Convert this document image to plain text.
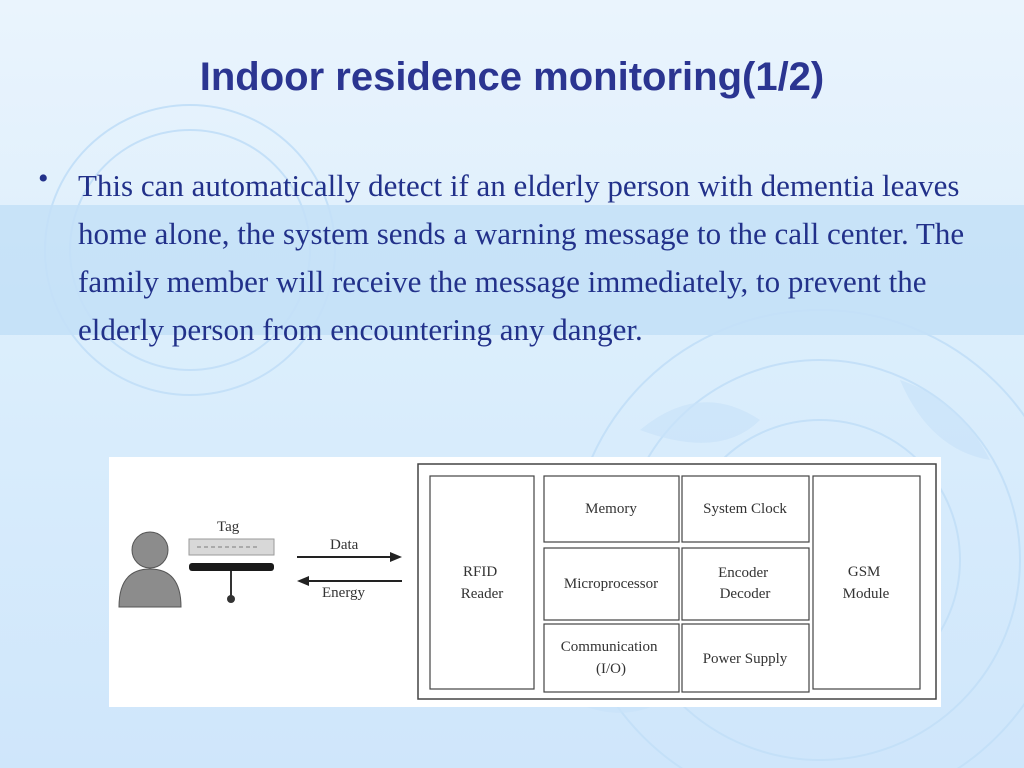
Indoor residence monitoring(1/2)
• This can automatically detect if an elderly person with dementia leaves home alone, the system sends a warning message to the call center. The family member will receive the message immediately, to prevent the elderly person from encountering any danger.

Tag
Data
Energy
RFID Reader
Memory	System Clock
Microprocessor
Encoder Decoder
Communication (I/O)
Power Supply
GSM Module
